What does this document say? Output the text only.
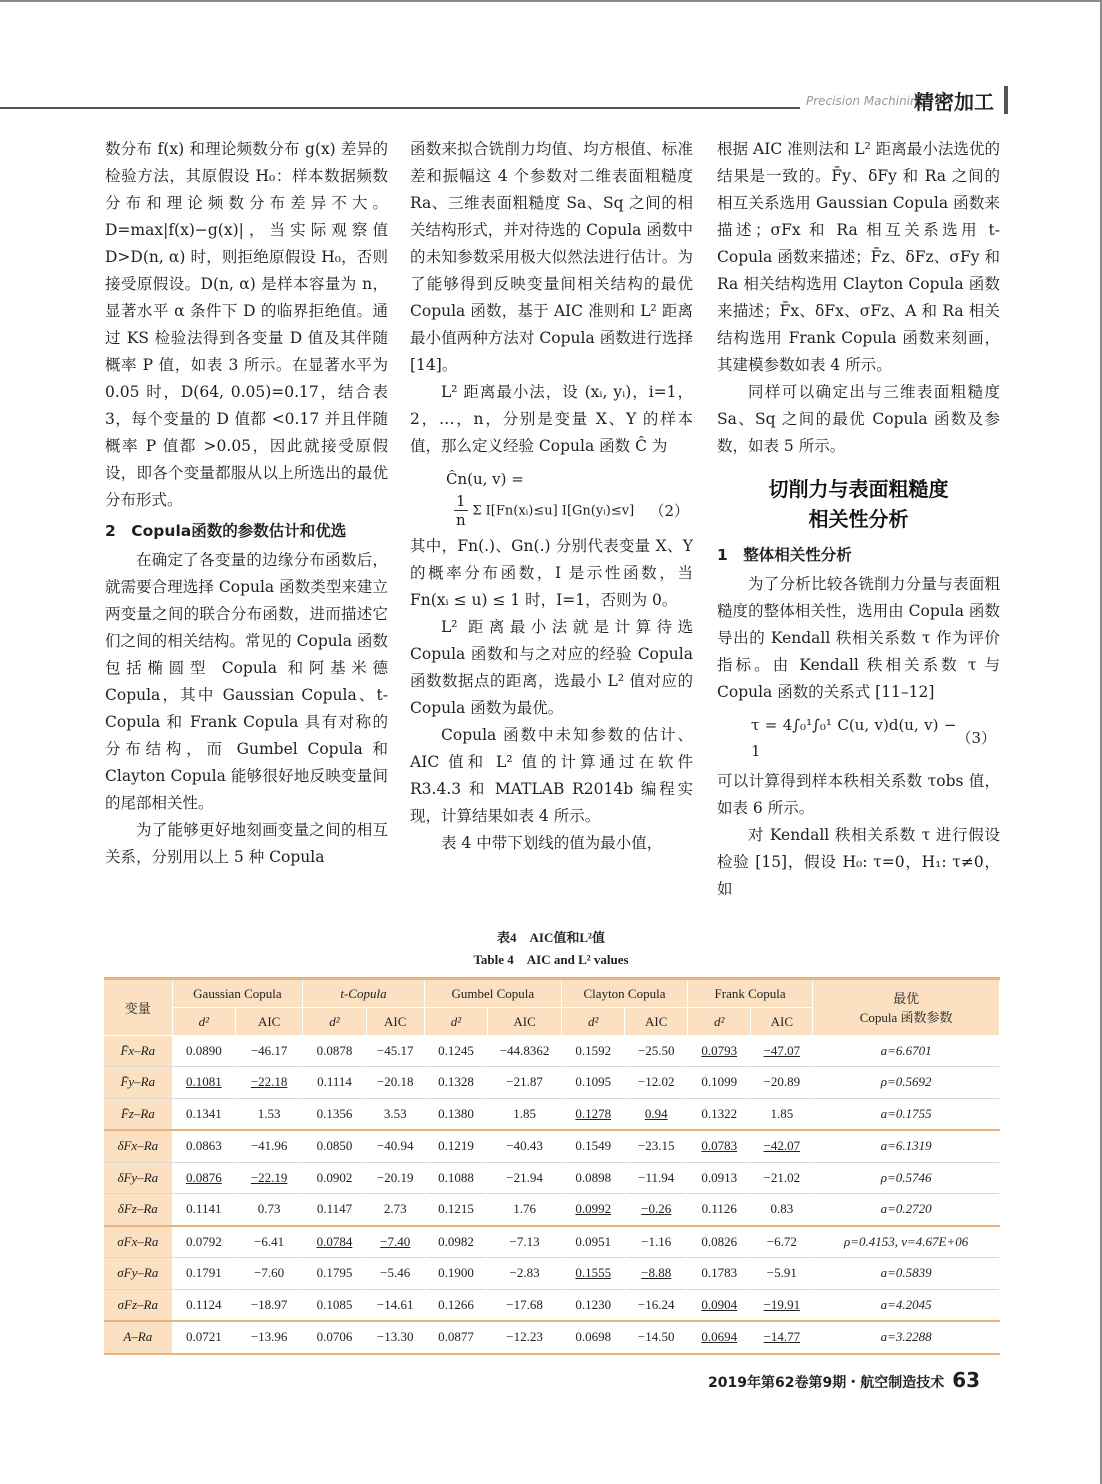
Precision Machining
精密加工

数分布 f(x) 和理论频数分布 g(x) 差异的检验方法，其原假设 H₀：样本数据频数分布和理论频数分布差异不大。D=max|f(x)−g(x)|，当实际观察值 D>D(n, α) 时，则拒绝原假设 H₀，否则接受原假设。D(n, α) 是样本容量为 n，显著水平 α 条件下 D 的临界拒绝值。通过 KS 检验法得到各变量 D 值及其伴随概率 P 值，如表 3 所示。在显著水平为 0.05 时，D(64, 0.05)=0.17，结合表 3，每个变量的 D 值都 <0.17 并且伴随概率 P 值都 >0.05，因此就接受原假设，即各个变量都服从以上所选出的最优分布形式。

2　Copula函数的参数估计和优选

在确定了各变量的边缘分布函数后，就需要合理选择 Copula 函数类型来建立两变量之间的联合分布函数，进而描述它们之间的相关结构。常见的 Copula 函数包括椭圆型 Copula 和阿基米德 Copula，其中 Gaussian Copula、t-Copula 和 Frank Copula 具有对称的分布结构，而 Gumbel Copula 和 Clayton Copula 能够很好地反映变量间的尾部相关性。

为了能够更好地刻画变量之间的相互关系，分别用以上 5 种 Copula

函数来拟合铣削力均值、均方根值、标准差和振幅这 4 个参数对二维表面粗糙度 Ra、三维表面粗糙度 Sa、Sq 之间的相关结构形式，并对待选的 Copula 函数中的未知参数采用极大似然法进行估计。为了能够得到反映变量间相关结构的最优 Copula 函数，基于 AIC 准则和 L² 距离最小值两种方法对 Copula 函数进行选择 [14]。

L² 距离最小法，设 (xᵢ, yᵢ)，i=1，2，…，n，分别是变量 X、Y 的样本值，那么定义经验 Copula 函数 Ĉ 为

Ĉn(u, v) =
$\frac{1}{n}$ Σ I[Fn(xᵢ)≤u] I[Gn(yᵢ)≤v] （2）

其中，Fn(.)、Gn(.) 分别代表变量 X、Y 的概率分布函数，I 是示性函数，当 Fn(xᵢ ≤ u) ≤ 1 时，I=1，否则为 0。

L² 距离最小法就是计算待选 Copula 函数和与之对应的经验 Copula 函数数据点的距离，选最小 L² 值对应的 Copula 函数为最优。

Copula 函数中未知参数的估计、AIC 值和 L² 值的计算通过在软件 R3.4.3 和 MATLAB R2014b 编程实现，计算结果如表 4 所示。

表 4 中带下划线的值为最小值，

根据 AIC 准则法和 L² 距离最小法选优的结果是一致的。F̄y、δFy 和 Ra 之间的相互关系选用 Gaussian Copula 函数来描述；σFx 和 Ra 相互关系选用 t-Copula 函数来描述；F̄z、δFz、σFy 和 Ra 相关结构选用 Clayton Copula 函数来描述；F̄x、δFx、σFz、A 和 Ra 相关结构选用 Frank Copula 函数来刻画，其建模参数如表 4 所示。

同样可以确定出与三维表面粗糙度 Sa、Sq 之间的最优 Copula 函数及参数，如表 5 所示。

切削力与表面粗糙度
相关性分析
1　整体相关性分析

为了分析比较各铣削力分量与表面粗糙度的整体相关性，选用由 Copula 函数导出的 Kendall 秩相关系数 τ 作为评价指标。由 Kendall 秩相关系数 τ 与 Copula 函数的关系式 [11–12]

τ = 4∫₀¹∫₀¹ C(u, v)d(u, v) − 1
（3）

可以计算得到样本秩相关系数 τobs 值，如表 6 所示。

对 Kendall 秩相关系数 τ 进行假设检验 [15]，假设 H₀: τ=0，H₁: τ≠0，如

表4　AIC值和L²值
Table 4　AIC and L² values
变量	Gaussian Copula		t-Copula		Gumbel Copula		Clayton Copula		Frank Copula		最优
Copula 函数参数

	d²	AIC	d²	AIC	d²	AIC	d²	AIC	d²	AIC	
F̄x–Ra	0.0890	−46.17	0.0878	−45.17	0.1245	−44.8362	0.1592	−25.50	0.0793	−47.07	a=6.6701
F̄y–Ra	0.1081	−22.18	0.1114	−20.18	0.1328	−21.87	0.1095	−12.02	0.1099	−20.89	ρ=0.5692
F̄z–Ra	0.1341	1.53	0.1356	3.53	0.1380	1.85	0.1278	0.94	0.1322	1.85	a=0.1755
δFx–Ra	0.0863	−41.96	0.0850	−40.94	0.1219	−40.43	0.1549	−23.15	0.0783	−42.07	a=6.1319
δFy–Ra	0.0876	−22.19	0.0902	−20.19	0.1088	−21.94	0.0898	−11.94	0.0913	−21.02	ρ=0.5746
δFz–Ra	0.1141	0.73	0.1147	2.73	0.1215	1.76	0.0992	−0.26	0.1126	0.83	a=0.2720
σFx–Ra	0.0792	−6.41	0.0784	−7.40	0.0982	−7.13	0.0951	−1.16	0.0826	−6.72	ρ=0.4153, v=4.67E+06
σFy–Ra	0.1791	−7.60	0.1795	−5.46	0.1900	−2.83	0.1555	−8.88	0.1783	−5.91	a=0.5839
σFz–Ra	0.1124	−18.97	0.1085	−14.61	0.1266	−17.68	0.1230	−16.24	0.0904	−19.91	a=4.2045
A–Ra	0.0721	−13.96	0.0706	−13.30	0.0877	−12.23	0.0698	−14.50	0.0694	−14.77	a=3.2288
2019年第62卷第9期・航空制造技术 63
